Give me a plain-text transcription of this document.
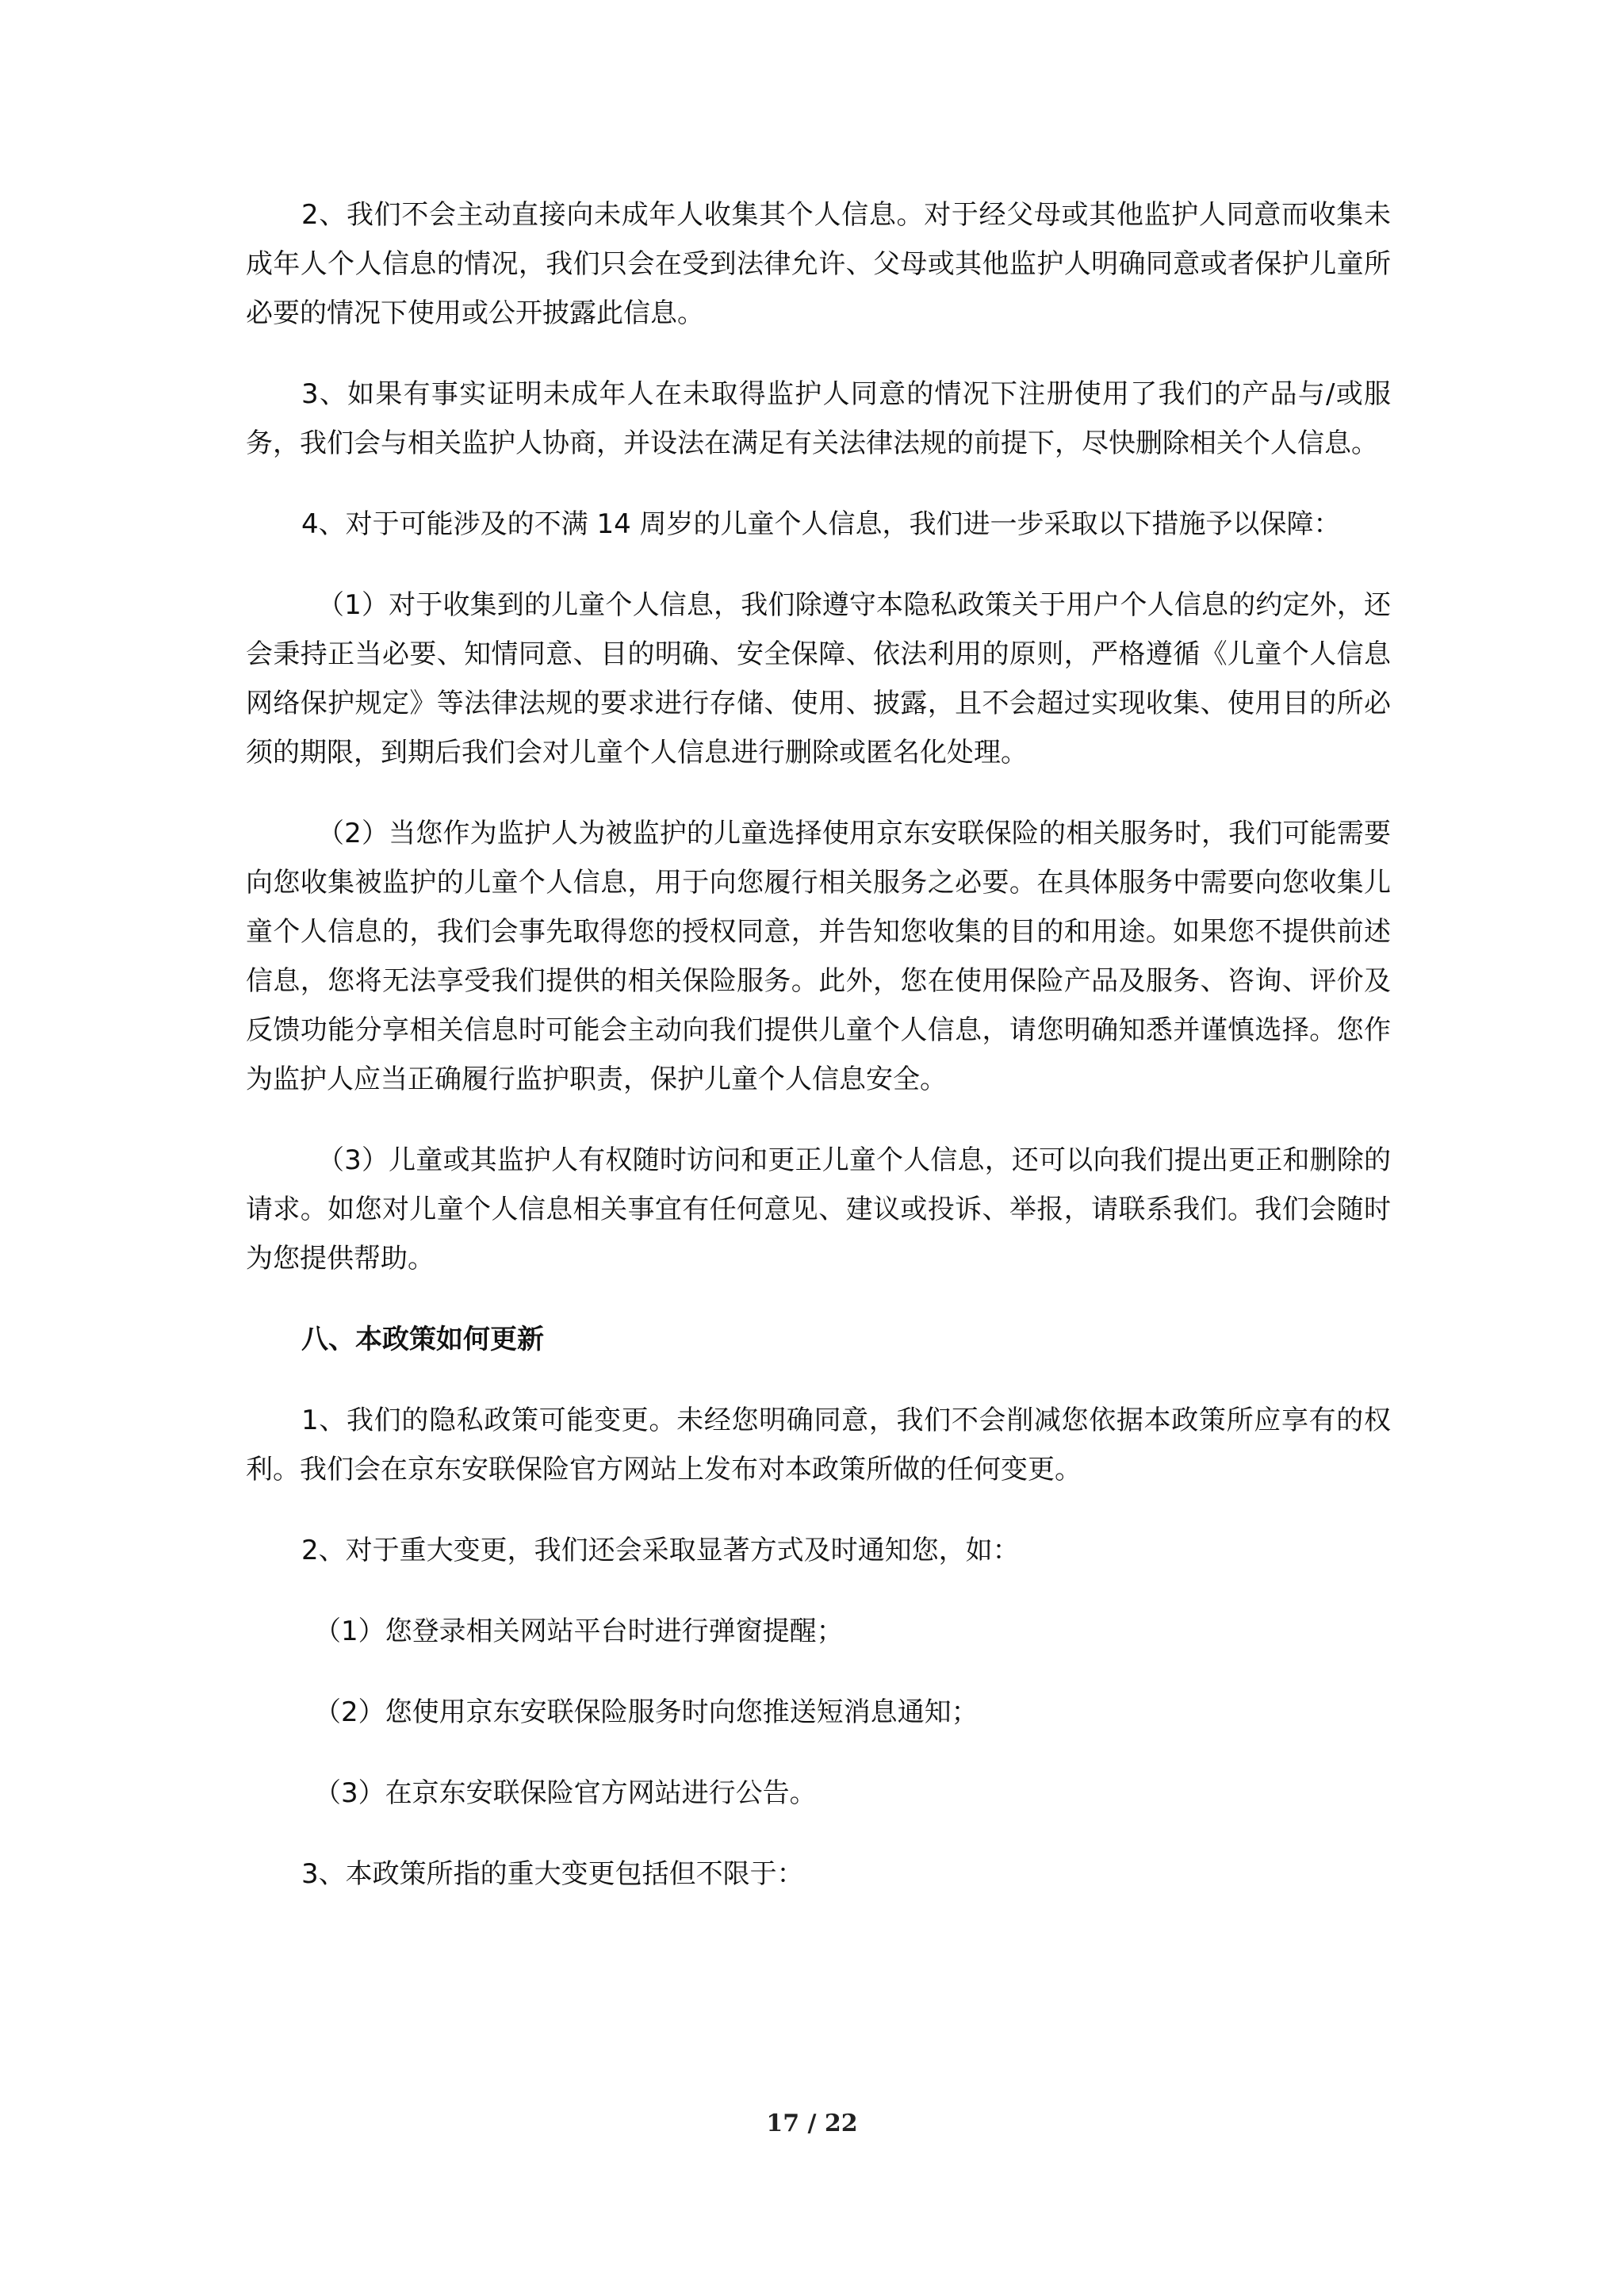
2、我们不会主动直接向未成年人收集其个人信息。对于经父母或其他监护人同意而收集未成年人个人信息的情况，我们只会在受到法律允许、父母或其他监护人明确同意或者保护儿童所必要的情况下使用或公开披露此信息。

3、如果有事实证明未成年人在未取得监护人同意的情况下注册使用了我们的产品与/或服务，我们会与相关监护人协商，并设法在满足有关法律法规的前提下，尽快删除相关个人信息。

4、对于可能涉及的不满 14 周岁的儿童个人信息，我们进一步采取以下措施予以保障：

（1）对于收集到的儿童个人信息，我们除遵守本隐私政策关于用户个人信息的约定外，还会秉持正当必要、知情同意、目的明确、安全保障、依法利用的原则，严格遵循《儿童个人信息网络保护规定》等法律法规的要求进行存储、使用、披露，且不会超过实现收集、使用目的所必须的期限，到期后我们会对儿童个人信息进行删除或匿名化处理。

（2）当您作为监护人为被监护的儿童选择使用京东安联保险的相关服务时，我们可能需要向您收集被监护的儿童个人信息，用于向您履行相关服务之必要。在具体服务中需要向您收集儿童个人信息的，我们会事先取得您的授权同意，并告知您收集的目的和用途。如果您不提供前述信息，您将无法享受我们提供的相关保险服务。此外，您在使用保险产品及服务、咨询、评价及反馈功能分享相关信息时可能会主动向我们提供儿童个人信息，请您明确知悉并谨慎选择。您作为监护人应当正确履行监护职责，保护儿童个人信息安全。

（3）儿童或其监护人有权随时访问和更正儿童个人信息，还可以向我们提出更正和删除的请求。如您对儿童个人信息相关事宜有任何意见、建议或投诉、举报，请联系我们。我们会随时为您提供帮助。

八、本政策如何更新

1、我们的隐私政策可能变更。未经您明确同意，我们不会削减您依据本政策所应享有的权利。我们会在京东安联保险官方网站上发布对本政策所做的任何变更。

2、对于重大变更，我们还会采取显著方式及时通知您，如：

（1）您登录相关网站平台时进行弹窗提醒；

（2）您使用京东安联保险服务时向您推送短消息通知；

（3）在京东安联保险官方网站进行公告。

3、本政策所指的重大变更包括但不限于：

17 / 22
